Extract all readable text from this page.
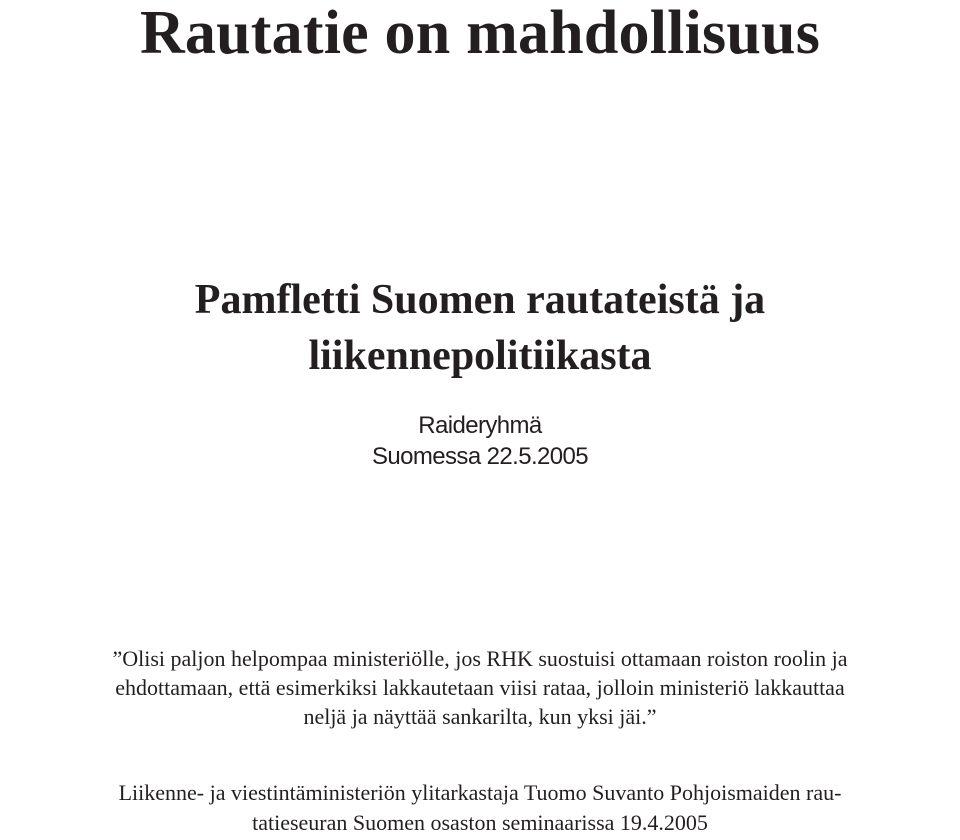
Rautatie on mahdollisuus
Pamfletti Suomen rautateistä ja
liikennepolitiikasta
Raideryhmä
Suomessa 22.5.2005

”Olisi paljon helpompaa ministeriölle, jos RHK suostuisi ottamaan roiston roolin ja
ehdottamaan, että esimerkiksi lakkautetaan viisi rataa, jolloin ministeriö lakkauttaa
neljä ja näyttää sankarilta, kun yksi jäi.”

Liikenne- ja viestintäministeriön ylitarkastaja Tuomo Suvanto Pohjoismaiden rau-
tatieseuran Suomen osaston seminaarissa 19.4.2005
